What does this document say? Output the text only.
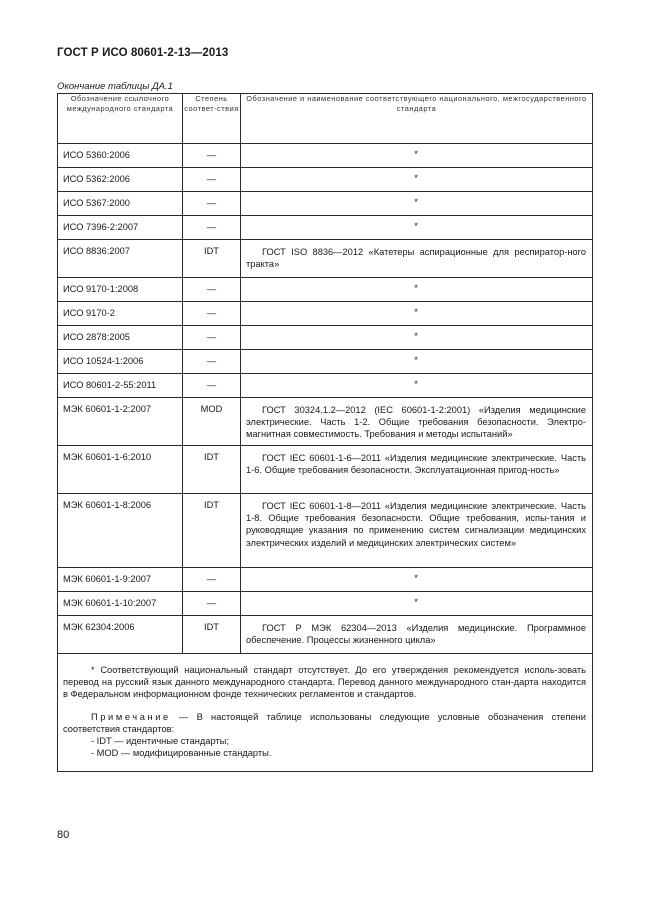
ГОСТ Р ИСО 80601-2-13—2013
Окончание таблицы ДА.1
Обозначение ссылочного международного стандарта	Степень соответ-ствия	Обозначение и наименование соответствующего национального, межгосударственного стандарта
ИСО 5360:2006	—	*
ИСО 5362:2006	—	*
ИСО 5367:2000	—	*
ИСО 7396-2:2007	—	*
ИСО 8836:2007	IDT	ГОСТ ISO 8836—2012 «Катетеры аспирационные для респиратор-ного тракта»
ИСО 9170-1:2008	—	*
ИСО 9170-2	—	*
ИСО 2878:2005	—	*
ИСО 10524-1:2006	—	*
ИСО 80601-2-55:2011	—	*
МЭК 60601-1-2:2007	MOD	ГОСТ 30324.1.2—2012 (IEC 60601-1-2:2001) «Изделия медицинские электрические. Часть 1-2. Общие требования безопасности. Электро-магнитная совместимость. Требования и методы испытаний»
МЭК 60601-1-6:2010	IDT	ГОСТ IEC 60601-1-6—2011 «Изделия медицинские электрические. Часть 1-6. Общие требования безопасности. Эксплуатационная пригод-ность»
МЭК 60601-1-8:2006	IDT	ГОСТ IEC 60601-1-8—2011 «Изделия медицинские электрические. Часть 1-8. Общие требования безопасности. Общие требования, испы-тания и руководящие указания по применению систем сигнализации медицинских электрических изделий и медицинских электрических систем»
МЭК 60601-1-9:2007	—	*
МЭК 60601-1-10:2007	—	*
МЭК 62304:2006	IDT	ГОСТ Р МЭК 62304—2013 «Изделия медицинские. Программное обеспечение. Процессы жизненного цикла»

* Соответствующий национальный стандарт отсутствует. До его утверждения рекомендуется исполь-зовать перевод на русский язык данного международного стандарта. Перевод данного международного стан-дарта находится в Федеральном информационном фонде технических регламентов и стандартов.

Примечание — В настоящей таблице использованы следующие условные обозначения степени соответствия стандартов:

- IDT — идентичные стандарты;
- MOD — модифицированные стандарты.		
80
